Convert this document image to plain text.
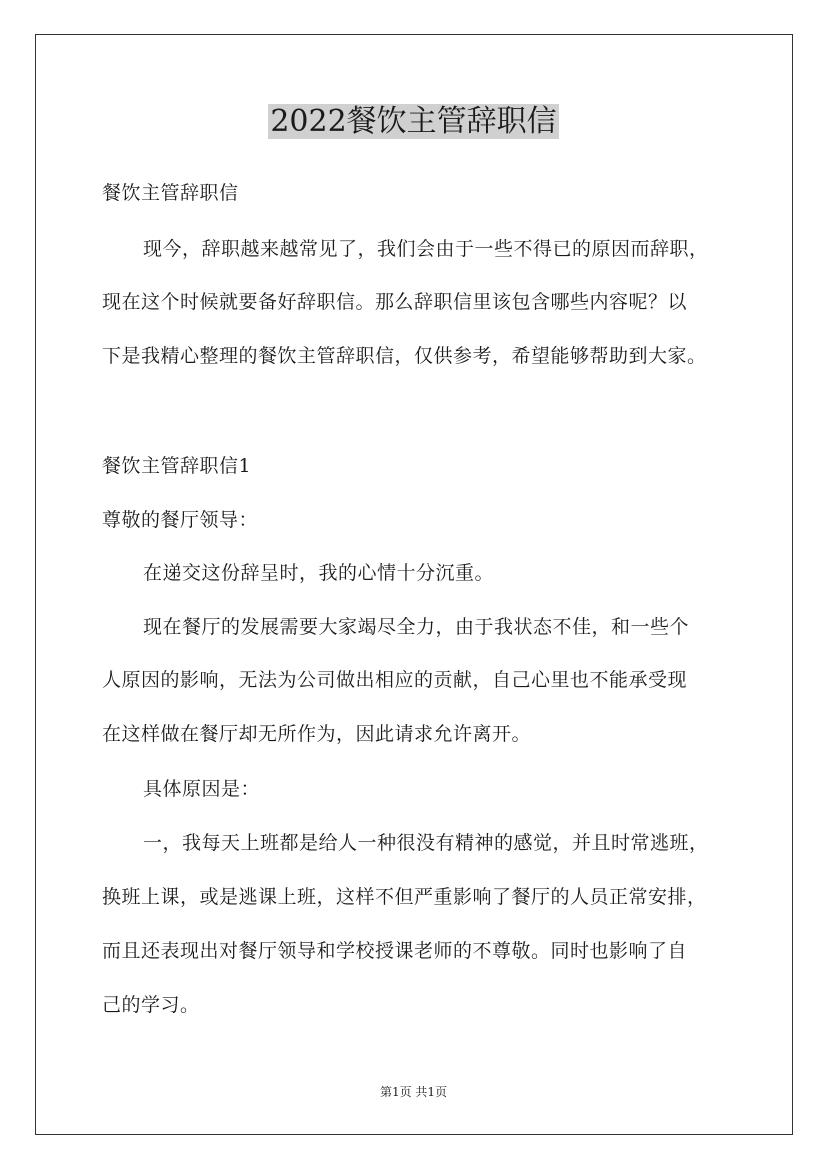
2022餐饮主管辞职信
餐饮主管辞职信
现今，辞职越来越常见了，我们会由于一些不得已的原因而辞职，
现在这个时候就要备好辞职信。那么辞职信里该包含哪些内容呢？以
下是我精心整理的餐饮主管辞职信，仅供参考，希望能够帮助到大家。
餐饮主管辞职信1
尊敬的餐厅领导：
在递交这份辞呈时，我的心情十分沉重。
现在餐厅的发展需要大家竭尽全力，由于我状态不佳，和一些个
人原因的影响，无法为公司做出相应的贡献，自己心里也不能承受现
在这样做在餐厅却无所作为，因此请求允许离开。
具体原因是：
一，我每天上班都是给人一种很没有精神的感觉，并且时常逃班，
换班上课，或是逃课上班，这样不但严重影响了餐厅的人员正常安排，
而且还表现出对餐厅领导和学校授课老师的不尊敬。同时也影响了自
己的学习。
第1页 共1页
